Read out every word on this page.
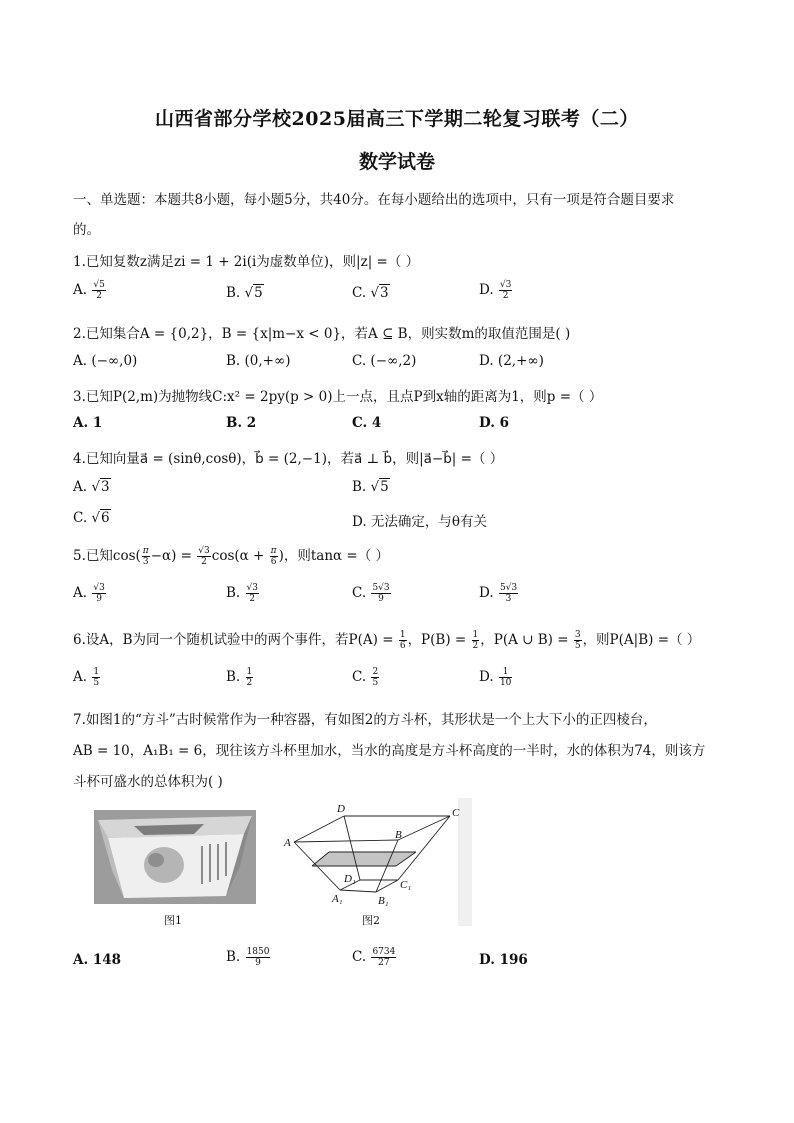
山西省部分学校2025届高三下学期二轮复习联考（二）
数学试卷
一、单选题：本题共8小题，每小题5分，共40分。在每小题给出的选项中，只有一项是符合题目要求
的。
1.已知复数z满足zi = 1 + 2i(i为虚数单位)，则|z| =（ ）
A. $\frac{√5}{2}$	B. √5	C. √3	D. $\frac{√3}{2}$
2.已知集合A = {0,2}，B = {x|m−x < 0}，若A ⊆ B，则实数m的取值范围是( )
A. (−∞,0)	B. (0,+∞)	C. (−∞,2)	D. (2,+∞)
3.已知P(2,m)为抛物线C:x² = 2py(p > 0)上一点，且点P到x轴的距离为1，则p =（ ）
A. 1	B. 2	C. 4	D. 6
4.已知向量a⃗ = (sinθ,cosθ)，b⃗ = (2,−1)，若a⃗ ⊥ b⃗，则|a⃗−b⃗| =（ ）
A. √3	B. √5
C. √6	D. 无法确定，与θ有关
5.已知$\cos( \frac{\pi}{3} -\alpha) = \frac{√3}{2} \cos(\alpha + \frac{\pi}{6}$ )，则tanα =（ ）
A. $\frac{√3}{9}$	B. $\frac{√3}{2}$	C. $\frac{5√3}{9}$	D. $\frac{5√3}{3}$
6.设A，B为同一个随机试验中的两个事件，若$P(A) = \frac{1}{6}$ ，$P(B) = \frac{1}{2}$ ，P(A ∪ $B) = \frac{3}{5}$ ，则P(A|B) =（ ）
A. $\frac{1}{5}$	B. $\frac{1}{2}$	C. $\frac{2}{5}$	D. $\frac{1}{10}$
7.如图1的“方斗”古时候常作为一种容器，有如图2的方斗杯，其形状是一个上大下小的正四棱台，
AB = 10，A₁B₁ = 6，现往该方斗杯里加水，当水的高度是方斗杯高度的一半时，水的体积为74，则该方
斗杯可盛水的总体积为( )
图1
D	C
A
B
D₁	C₁
A₁	B₁
图2
A. 148	B. $\frac{1850}{9}$	C. $\frac{6734}{27}$	D. 196
